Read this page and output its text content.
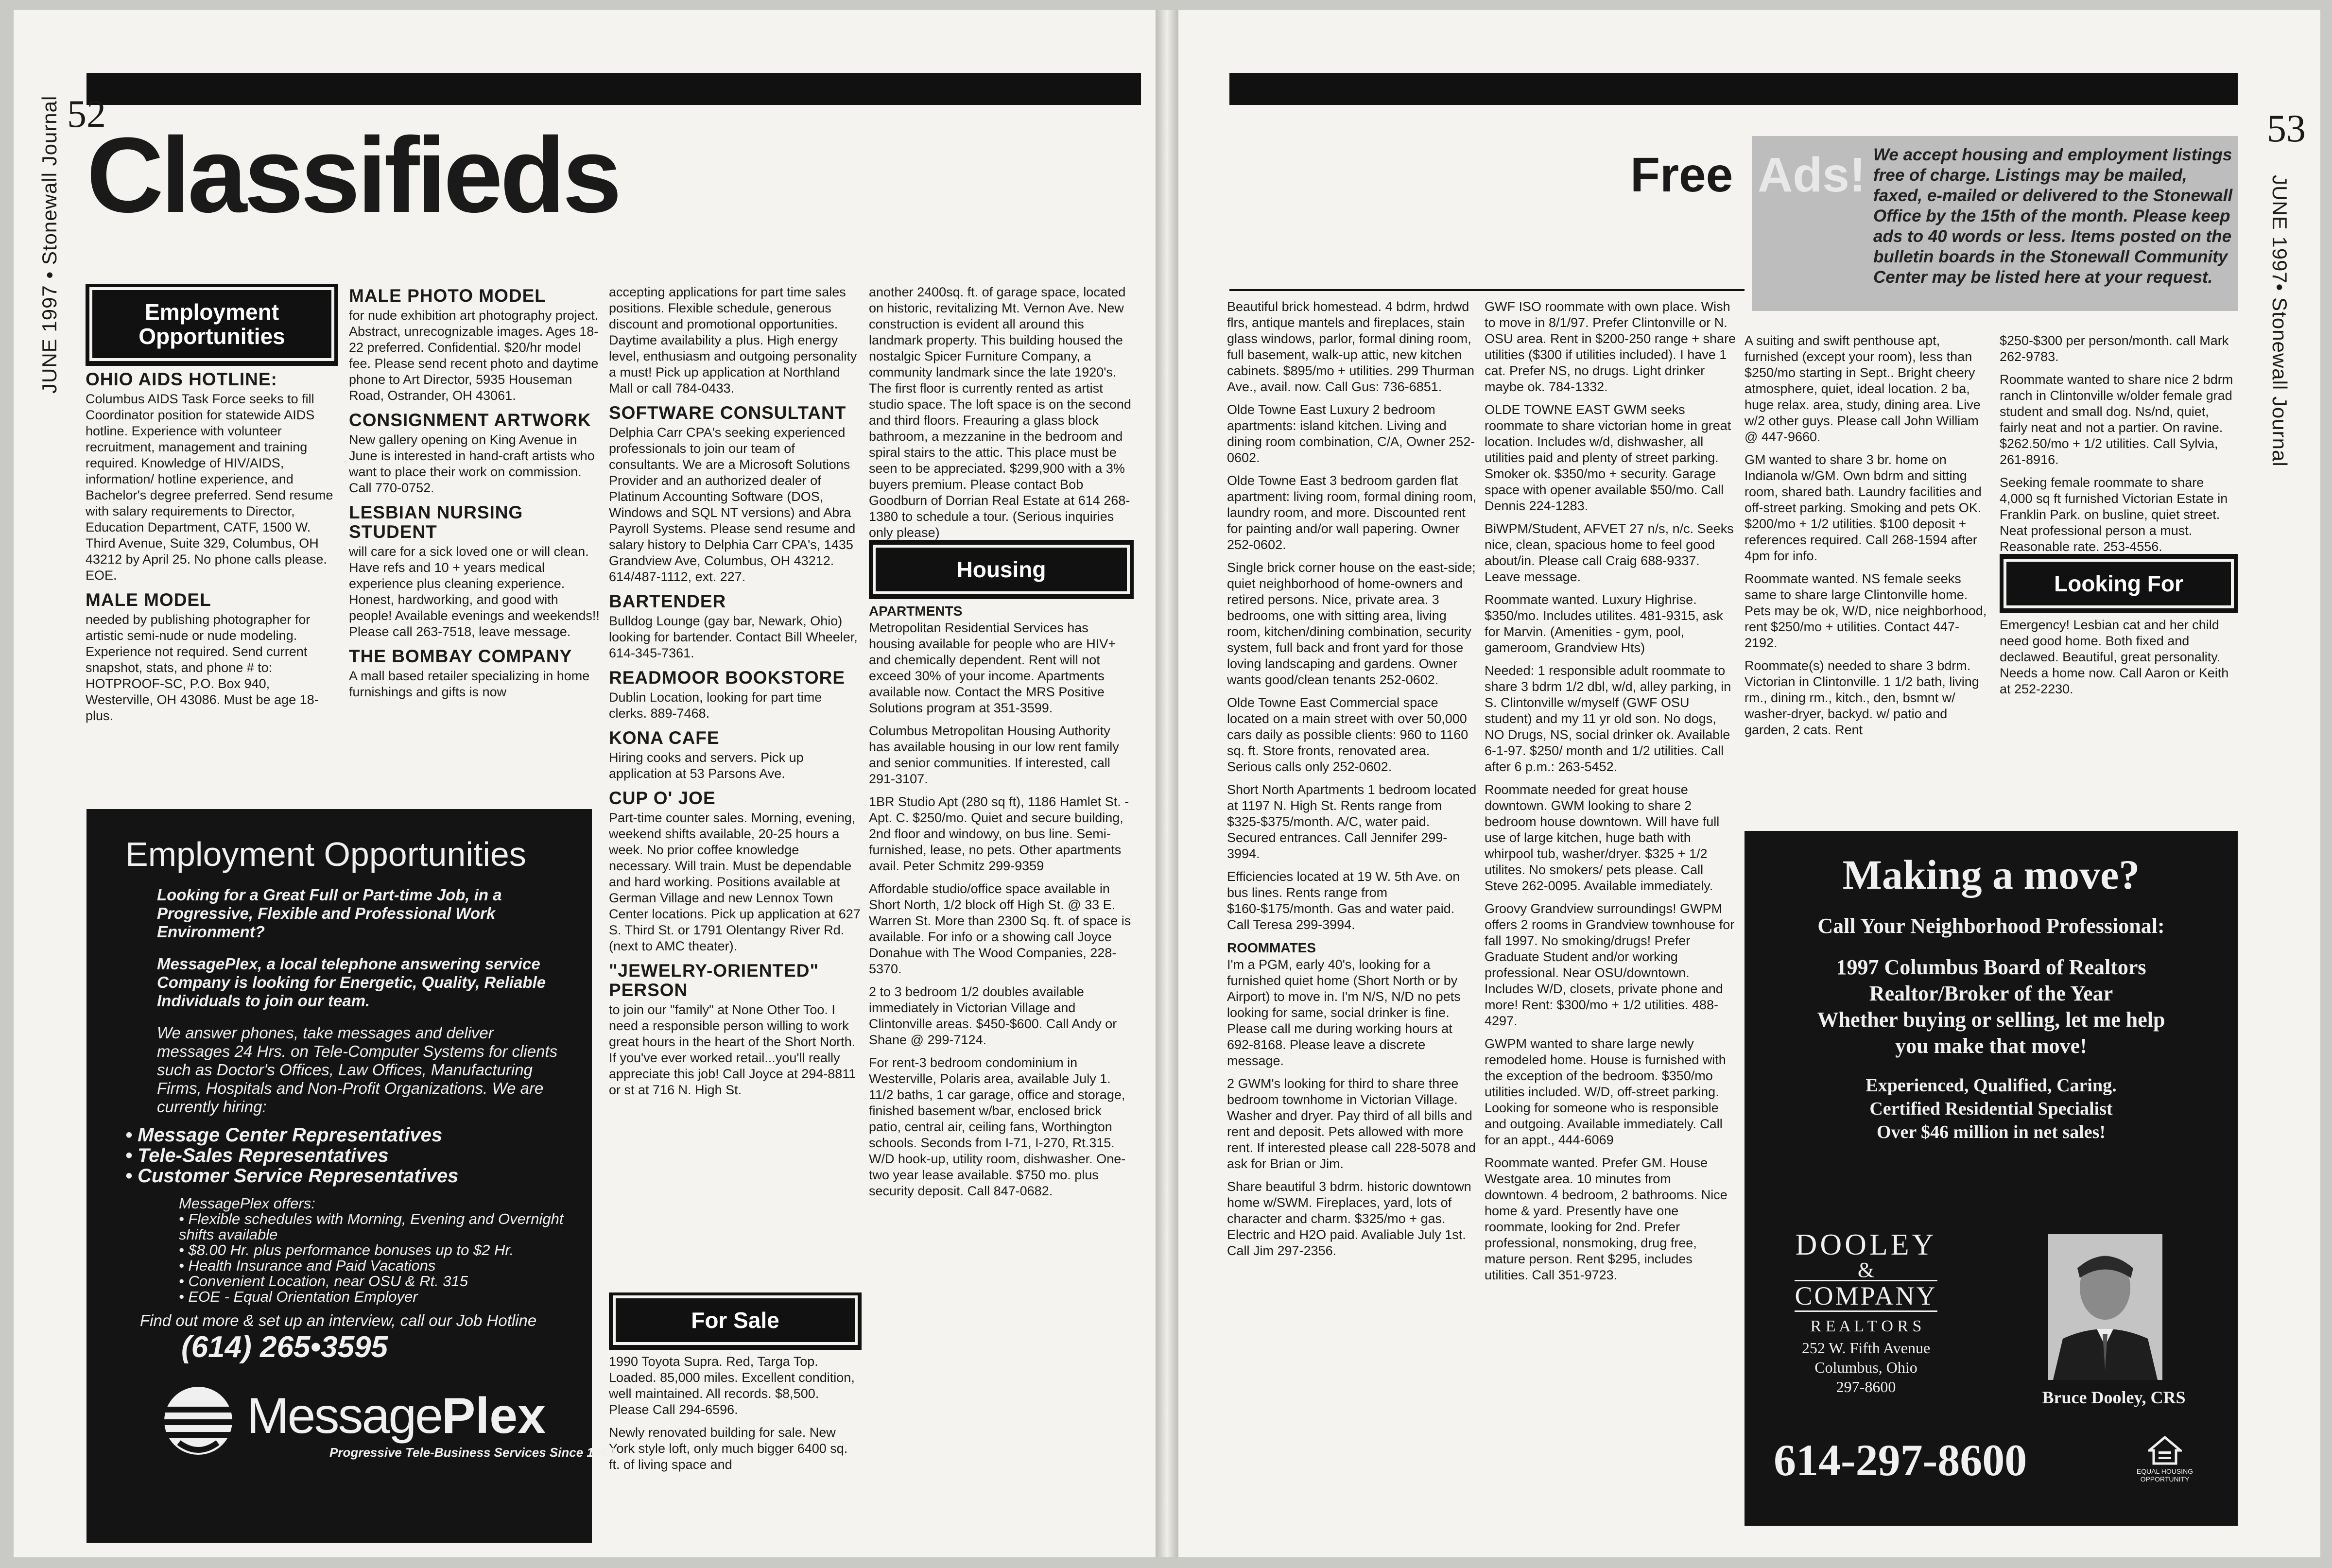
JUNE 1997 • Stonewall Journal 52
Classifieds
Employment Opportunities
OHIO AIDS HOTLINE:

Columbus AIDS Task Force seeks to fill Coordinator position for statewide AIDS hotline. Experience with volunteer recruitment, management and training required. Knowledge of HIV/AIDS, information/ hotline experience, and Bachelor's degree preferred. Send resume with salary requirements to Director, Education Department, CATF, 1500 W. Third Avenue, Suite 329, Columbus, OH 43212 by April 25. No phone calls please. EOE.

MALE MODEL

needed by publishing photographer for artistic semi-nude or nude modeling. Experience not required. Send current snapshot, stats, and phone # to: HOTPROOF-SC, P.O. Box 940, Westerville, OH 43086. Must be age 18-plus.

MALE PHOTO MODEL

for nude exhibition art photography project. Abstract, unrecognizable images. Ages 18-22 preferred. Confidential. $20/hr model fee. Please send recent photo and daytime phone to Art Director, 5935 Houseman Road, Ostrander, OH 43061.

CONSIGNMENT ARTWORK

New gallery opening on King Avenue in June is interested in hand-craft artists who want to place their work on commission. Call 770-0752.

LESBIAN NURSING STUDENT

will care for a sick loved one or will clean. Have refs and 10 + years medical experience plus cleaning experience. Honest, hardworking, and good with people! Available evenings and weekends!! Please call 263-7518, leave message.

THE BOMBAY COMPANY

A mall based retailer specializing in home furnishings and gifts is now

accepting applications for part time sales positions. Flexible schedule, generous discount and promotional opportunities. Daytime availability a plus. High energy level, enthusiasm and outgoing personality a must! Pick up application at Northland Mall or call 784-0433.

SOFTWARE CONSULTANT

Delphia Carr CPA's seeking experienced professionals to join our team of consultants. We are a Microsoft Solutions Provider and an authorized dealer of Platinum Accounting Software (DOS, Windows and SQL NT versions) and Abra Payroll Systems. Please send resume and salary history to Delphia Carr CPA's, 1435 Grandview Ave, Columbus, OH 43212. 614/487-1112, ext. 227.

BARTENDER

Bulldog Lounge (gay bar, Newark, Ohio) looking for bartender. Contact Bill Wheeler, 614-345-7361.

READMOOR BOOKSTORE

Dublin Location, looking for part time clerks. 889-7468.

KONA CAFE

Hiring cooks and servers. Pick up application at 53 Parsons Ave.

CUP O' JOE

Part-time counter sales. Morning, evening, weekend shifts available, 20-25 hours a week. No prior coffee knowledge necessary. Will train. Must be dependable and hard working. Positions available at German Village and new Lennox Town Center locations. Pick up application at 627 S. Third St. or 1791 Olentangy River Rd. (next to AMC theater).

"JEWELRY-ORIENTED" PERSON

to join our "family" at None Other Too. I need a responsible person willing to work great hours in the heart of the Short North. If you've ever worked retail...you'll really appreciate this job! Call Joyce at 294-8811 or st at 716 N. High St.

For Sale

1990 Toyota Supra. Red, Targa Top. Loaded. 85,000 miles. Excellent condition, well maintained. All records. $8,500. Please Call 294-6596.

Newly renovated building for sale. New York style loft, only much bigger 6400 sq. ft. of living space and

another 2400sq. ft. of garage space, located on historic, revitalizing Mt. Vernon Ave. New construction is evident all around this landmark property. This building housed the nostalgic Spicer Furniture Company, a community landmark since the late 1920's. The first floor is currently rented as artist studio space. The loft space is on the second and third floors. Freauring a glass block bathroom, a mezzanine in the bedroom and spiral stairs to the attic. This place must be seen to be appreciated. $299,900 with a 3% buyers premium. Please contact Bob Goodburn of Dorrian Real Estate at 614 268-1380 to schedule a tour. (Serious inquiries only please)

Housing
APARTMENTS

Metropolitan Residential Services has housing available for people who are HIV+ and chemically dependent. Rent will not exceed 30% of your income. Apartments available now. Contact the MRS Positive Solutions program at 351-3599.

Columbus Metropolitan Housing Authority has available housing in our low rent family and senior communities. If interested, call 291-3107.

1BR Studio Apt (280 sq ft), 1186 Hamlet St. - Apt. C. $250/mo. Quiet and secure building, 2nd floor and windowy, on bus line. Semi-furnished, lease, no pets. Other apartments avail. Peter Schmitz 299-9359

Affordable studio/office space available in Short North, 1/2 block off High St. @ 33 E. Warren St. More than 2300 Sq. ft. of space is available. For info or a showing call Joyce Donahue with The Wood Companies, 228-5370.

2 to 3 bedroom 1/2 doubles available immediately in Victorian Village and Clintonville areas. $450-$600. Call Andy or Shane @ 299-7124.

For rent-3 bedroom condominium in Westerville, Polaris area, available July 1. 11/2 baths, 1 car garage, office and storage, finished basement w/bar, enclosed brick patio, central air, ceiling fans, Worthington schools. Seconds from I-71, I-270, Rt.315. W/D hook-up, utility room, dishwasher. One-two year lease available. $750 mo. plus security deposit. Call 847-0682.

Employment Opportunities
Looking for a Great Full or Part-time Job, in a Progressive, Flexible and Professional Work Environment?
MessagePlex, a local telephone answering service Company is looking for Energetic, Quality, Reliable Individuals to join our team.
We answer phones, take messages and deliver messages 24 Hrs. on Tele-Computer Systems for clients such as Doctor's Offices, Law Offices, Manufacturing Firms, Hospitals and Non-Profit Organizations. We are currently hiring:
• Message Center Representatives
• Tele-Sales Representatives
• Customer Service Representatives
MessagePlex offers:
• Flexible schedules with Morning, Evening and Overnight shifts available
• $8.00 Hr. plus performance bonuses up to $2 Hr.
• Health Insurance and Paid Vacations
• Convenient Location, near OSU & Rt. 315
• EOE - Equal Orientation Employer
Find out more & set up an interview, call our Job Hotline
(614) 265•3595
MessagePlex
Progressive Tele-Business Services Since 1960
53
JUNE 1997• Stonewall Journal
Free Ads! We accept housing and employment listings free of charge. Listings may be mailed, faxed, e-mailed or delivered to the Stonewall Office by the 15th of the month. Please keep ads to 40 words or less. Items posted on the bulletin boards in the Stonewall Community Center may be listed here at your request.

Beautiful brick homestead. 4 bdrm, hrdwd flrs, antique mantels and fireplaces, stain glass windows, parlor, formal dining room, full basement, walk-up attic, new kitchen cabinets. $895/mo + utilities. 299 Thurman Ave., avail. now. Call Gus: 736-6851.

Olde Towne East Luxury 2 bedroom apartments: island kitchen. Living and dining room combination, C/A, Owner 252-0602.

Olde Towne East 3 bedroom garden flat apartment: living room, formal dining room, laundry room, and more. Discounted rent for painting and/or wall papering. Owner 252-0602.

Single brick corner house on the east-side; quiet neighborhood of home-owners and retired persons. Nice, private area. 3 bedrooms, one with sitting area, living room, kitchen/dining combination, security system, full back and front yard for those loving landscaping and gardens. Owner wants good/clean tenants 252-0602.

Olde Towne East Commercial space located on a main street with over 50,000 cars daily as possible clients: 960 to 1160 sq. ft. Store fronts, renovated area. Serious calls only 252-0602.

Short North Apartments 1 bedroom located at 1197 N. High St. Rents range from $325-$375/month. A/C, water paid. Secured entrances. Call Jennifer 299-3994.

Efficiencies located at 19 W. 5th Ave. on bus lines. Rents range from $160-$175/month. Gas and water paid. Call Teresa 299-3994.

ROOMMATES

I'm a PGM, early 40's, looking for a furnished quiet home (Short North or by Airport) to move in. I'm N/S, N/D no pets looking for same, social drinker is fine. Please call me during working hours at 692-8168. Please leave a discrete message.

2 GWM's looking for third to share three bedroom townhome in Victorian Village. Washer and dryer. Pay third of all bills and rent and deposit. Pets allowed with more rent. If interested please call 228-5078 and ask for Brian or Jim.

Share beautiful 3 bdrm. historic downtown home w/SWM. Fireplaces, yard, lots of character and charm. $325/mo + gas. Electric and H2O paid. Avaliable July 1st. Call Jim 297-2356.

GWF ISO roommate with own place. Wish to move in 8/1/97. Prefer Clintonville or N. OSU area. Rent in $200-250 range + share utilities ($300 if utilities included). I have 1 cat. Prefer NS, no drugs. Light drinker maybe ok. 784-1332.

OLDE TOWNE EAST GWM seeks roommate to share victorian home in great location. Includes w/d, dishwasher, all utilities paid and plenty of street parking. Smoker ok. $350/mo + security. Garage space with opener available $50/mo. Call Dennis 224-1283.

BiWPM/Student, AFVET 27 n/s, n/c. Seeks nice, clean, spacious home to feel good about/in. Please call Craig 688-9337. Leave message.

Roommate wanted. Luxury Highrise. $350/mo. Includes utilites. 481-9315, ask for Marvin. (Amenities - gym, pool, gameroom, Grandview Hts)

Needed: 1 responsible adult roommate to share 3 bdrm 1/2 dbl, w/d, alley parking, in S. Clintonville w/myself (GWF OSU student) and my 11 yr old son. No dogs, NO Drugs, NS, social drinker ok. Available 6-1-97. $250/ month and 1/2 utilities. Call after 6 p.m.: 263-5452.

Roommate needed for great house downtown. GWM looking to share 2 bedroom house downtown. Will have full use of large kitchen, huge bath with whirpool tub, washer/dryer. $325 + 1/2 utilites. No smokers/ pets please. Call Steve 262-0095. Available immediately.

Groovy Grandview surroundings! GWPM offers 2 rooms in Grandview townhouse for fall 1997. No smoking/drugs! Prefer Graduate Student and/or working professional. Near OSU/downtown. Includes W/D, closets, private phone and more! Rent: $300/mo + 1/2 utilities. 488-4297.

GWPM wanted to share large newly remodeled home. House is furnished with the exception of the bedroom. $350/mo utilities included. W/D, off-street parking. Looking for someone who is responsible and outgoing. Available immediately. Call for an appt., 444-6069

Roommate wanted. Prefer GM. House Westgate area. 10 minutes from downtown. 4 bedroom, 2 bathrooms. Nice home & yard. Presently have one roommate, looking for 2nd. Prefer professional, nonsmoking, drug free, mature person. Rent $295, includes utilities. Call 351-9723.

A suiting and swift penthouse apt, furnished (except your room), less than $250/mo starting in Sept.. Bright cheery atmosphere, quiet, ideal location. 2 ba, huge relax. area, study, dining area. Live w/2 other guys. Please call John William @ 447-9660.

GM wanted to share 3 br. home on Indianola w/GM. Own bdrm and sitting room, shared bath. Laundry facilities and off-street parking. Smoking and pets OK. $200/mo + 1/2 utilities. $100 deposit + references required. Call 268-1594 after 4pm for info.

Roommate wanted. NS female seeks same to share large Clintonville home. Pets may be ok, W/D, nice neighborhood, rent $250/mo + utilities. Contact 447-2192.

Roommate(s) needed to share 3 bdrm. Victorian in Clintonville. 1 1/2 bath, living rm., dining rm., kitch., den, bsmnt w/ washer-dryer, backyd. w/ patio and garden, 2 cats. Rent

$250-$300 per person/month. call Mark 262-9783.

Roommate wanted to share nice 2 bdrm ranch in Clintonville w/older female grad student and small dog. Ns/nd, quiet, fairly neat and not a partier. On ravine. $262.50/mo + 1/2 utilities. Call Sylvia, 261-8916.

Seeking female roommate to share 4,000 sq ft furnished Victorian Estate in Franklin Park. on busline, quiet street. Neat professional person a must. Reasonable rate. 253-4556.

Looking For

Emergency! Lesbian cat and her child need good home. Both fixed and declawed. Beautiful, great personality. Needs a home now. Call Aaron or Keith at 252-2230.

Making a move?
Call Your Neighborhood Professional:
1997 Columbus Board of Realtors
Realtor/Broker of the Year
Whether buying or selling, let me help
you make that move!
Experienced, Qualified, Caring.
Certified Residential Specialist
Over $46 million in net sales!
DOOLEY
&
COMPANY
R E A L T O R S
252 W. Fifth Avenue
Columbus, Ohio
297-8600
Bruce Dooley, CRS
614-297-8600	EQUAL HOUSING OPPORTUNITY
